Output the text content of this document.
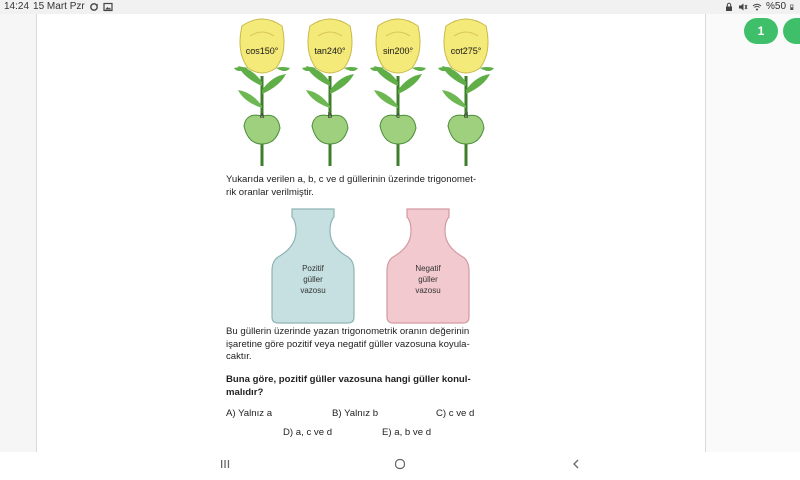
14:24 15 Mart Pzr	%50
1
cos150°
a
tan240°
b
sin200°
c
cot275°
d
Yukarıda verilen a, b, c ve d güllerinin üzerinde trigonomet-
rik oranlar verilmiştir.
Pozitif
güller
vazosu
Negatif
güller
vazosu
Bu güllerin üzerinde yazan trigonometrik oranın değerinin
işaretine göre pozitif veya negatif güller vazosuna koyula-
caktır.
Buna göre, pozitif güller vazosuna hangi güller konul-
malıdır?
A) Yalnız a	B) Yalnız b	C) c ve d
D) a, c ve d	E) a, b ve d
